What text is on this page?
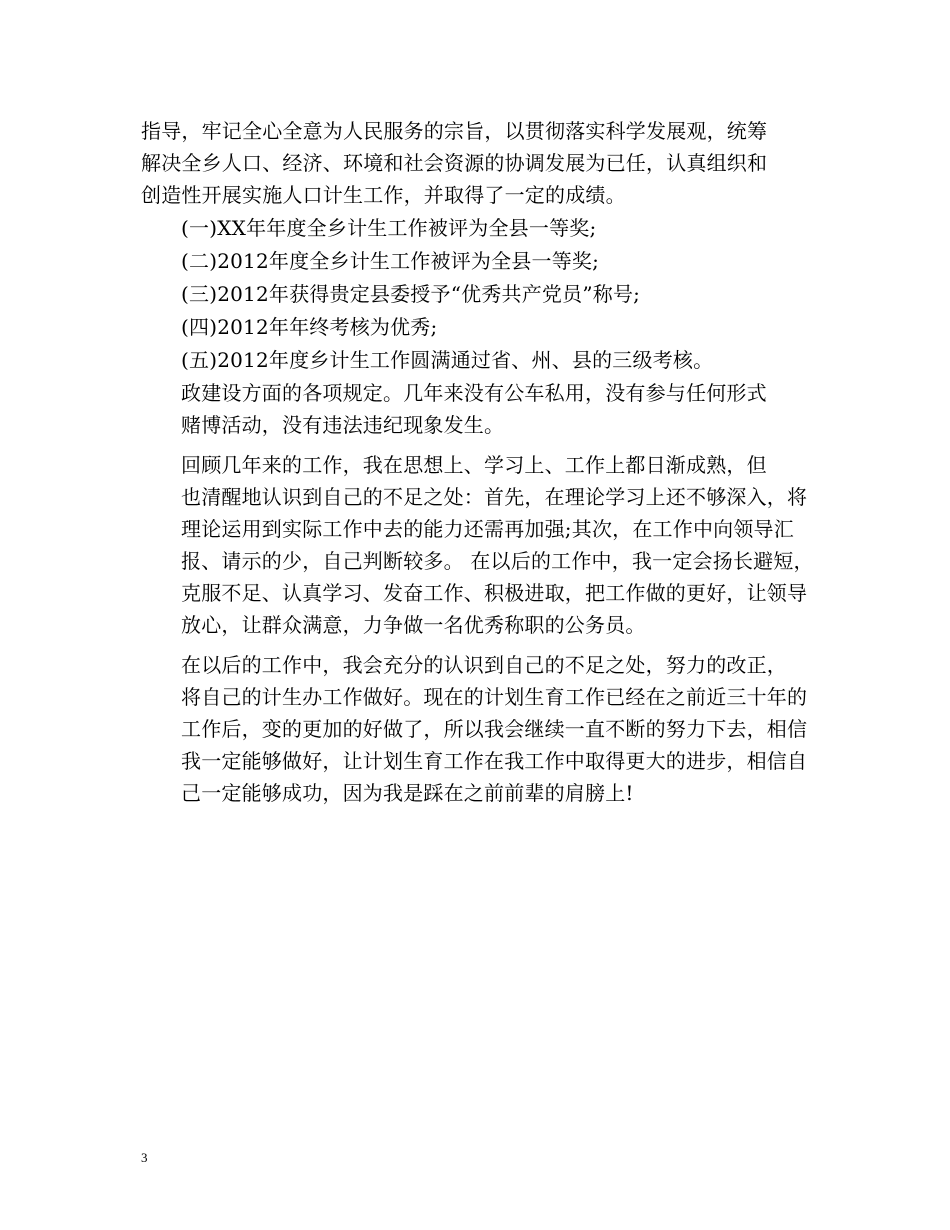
指导，牢记全心全意为人民服务的宗旨，以贯彻落实科学发展观，统筹
解决全乡人口、经济、环境和社会资源的协调发展为已任，认真组织和
创造性开展实施人口计生工作，并取得了一定的成绩。

(一)XX年年度全乡计生工作被评为全县一等奖;

(二)2012年度全乡计生工作被评为全县一等奖;

(三)2012年获得贵定县委授予“优秀共产党员”称号;

(四)2012年年终考核为优秀;

(五)2012年度乡计生工作圆满通过省、州、县的三级考核。

政建设方面的各项规定。几年来没有公车私用，没有参与任何形式
赌博活动，没有违法违纪现象发生。

回顾几年来的工作，我在思想上、学习上、工作上都日渐成熟，但
也清醒地认识到自己的不足之处：首先，在理论学习上还不够深入，将
理论运用到实际工作中去的能力还需再加强;其次，在工作中向领导汇
报、请示的少，自己判断较多。 在以后的工作中，我一定会扬长避短，
克服不足、认真学习、发奋工作、积极进取，把工作做的更好，让领导
放心，让群众满意，力争做一名优秀称职的公务员。

在以后的工作中，我会充分的认识到自己的不足之处，努力的改正，
将自己的计生办工作做好。现在的计划生育工作已经在之前近三十年的
工作后，变的更加的好做了，所以我会继续一直不断的努力下去，相信
我一定能够做好，让计划生育工作在我工作中取得更大的进步，相信自
己一定能够成功，因为我是踩在之前前辈的肩膀上!

3
